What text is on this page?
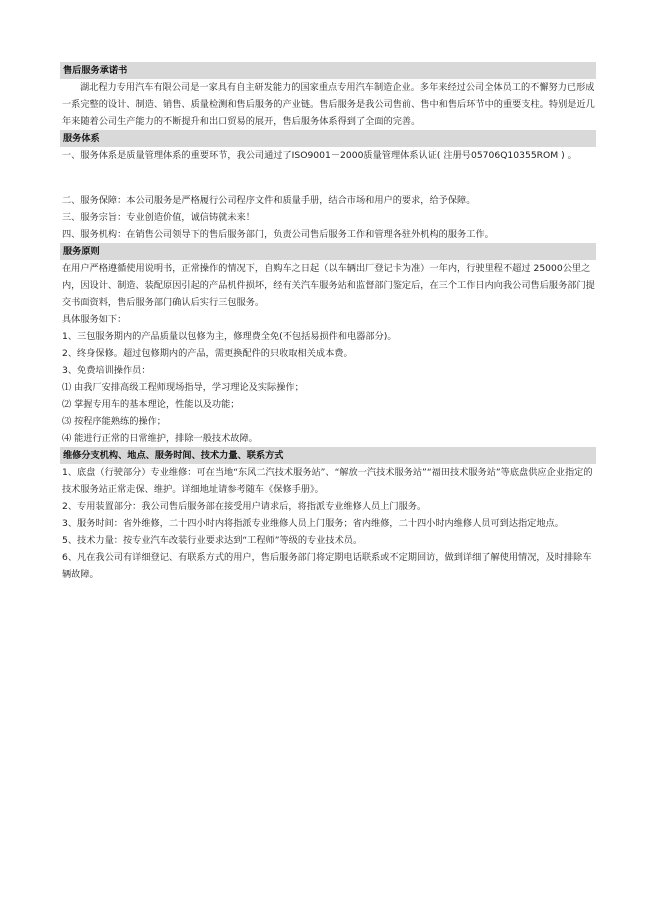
售后服务承诺书

湖北程力专用汽车有限公司是一家具有自主研发能力的国家重点专用汽车制造企业。多年来经过公司全体员工的不懈努力已形成一系完整的设计、制造、销售、质量检测和售后服务的产业链。售后服务是我公司售前、售中和售后环节中的重要支柱。特别是近几年来随着公司生产能力的不断提升和出口贸易的展开，售后服务体系得到了全面的完善。

服务体系

一、服务体系是质量管理体系的重要环节，我公司通过了ISO9001－2000质量管理体系认证( 注册号05706Q10355ROM ) 。

二、服务保障：本公司服务是严格履行公司程序文件和质量手册，结合市场和用户的要求，给予保障。

三、服务宗旨：专业创造价值，诚信铸就未来！

四、服务机构：在销售公司领导下的售后服务部门，负责公司售后服务工作和管理各驻外机构的服务工作。

服务原则

在用户严格遵循使用说明书，正常操作的情况下，自购车之日起（以车辆出厂登记卡为准）一年内，行驶里程不超过 25000公里之内，因设计、制造、装配原因引起的产品机件损坏，经有关汽车服务站和监督部门鉴定后，在三个工作日内向我公司售后服务部门提交书面资料，售后服务部门确认后实行三包服务。

具体服务如下：

1、三包服务期内的产品质量以包修为主，修理费全免(不包括易损件和电器部分)。

2、终身保修。超过包修期内的产品，需更换配件的只收取相关成本费。

3、免费培训操作员：

⑴ 由我厂安排高级工程师现场指导，学习理论及实际操作；

⑵ 掌握专用车的基本理论，性能以及功能；

⑶ 按程序能熟练的操作；

⑷ 能进行正常的日常维护，排除一般技术故障。

维修分支机构、地点、服务时间、技术力量、联系方式

1、底盘（行驶部分）专业维修：可在当地“东风二汽技术服务站”、“解放一汽技术服务站”“福田技术服务站”等底盘供应企业指定的技术服务站正常走保、维护。详细地址请参考随车《保修手册》。

2、专用装置部分：我公司售后服务部在接受用户请求后，将指派专业维修人员上门服务。

3、服务时间：省外维修，二十四小时内将指派专业维修人员上门服务；省内维修，二十四小时内维修人员可到达指定地点。

5、技术力量：按专业汽车改装行业要求达到“工程师”等级的专业技术员。

6、凡在我公司有详细登记、有联系方式的用户，售后服务部门将定期电话联系或不定期回访，做到详细了解使用情况，及时排除车辆故障。
